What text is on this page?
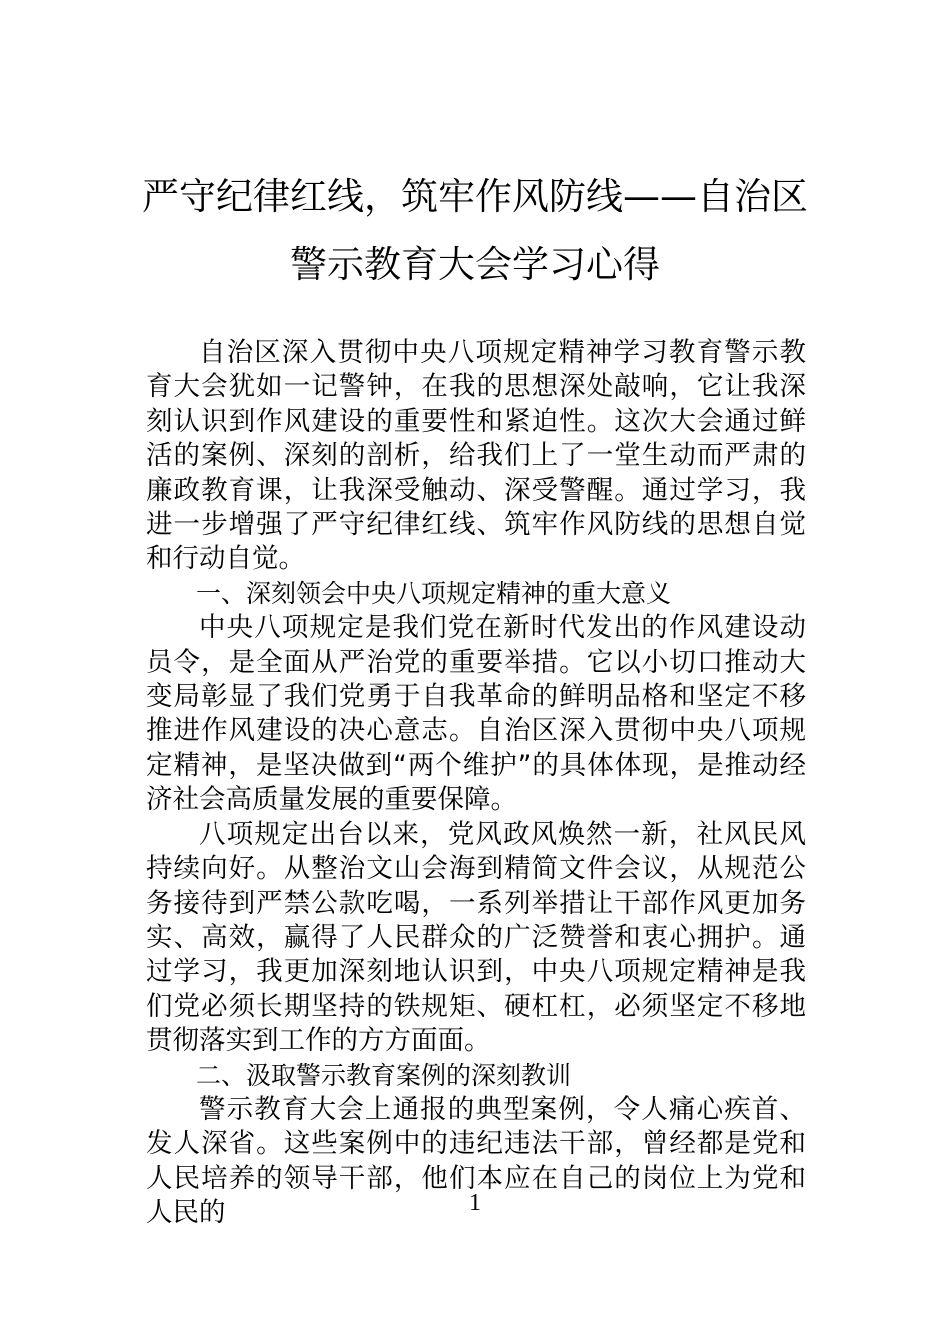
严守纪律红线，筑牢作风防线——自治区
警示教育大会学习心得

自治区深入贯彻中央八项规定精神学习教育警示教育大会犹如一记警钟，在我的思想深处敲响，它让我深刻认识到作风建设的重要性和紧迫性。这次大会通过鲜活的案例、深刻的剖析，给我们上了一堂生动而严肃的廉政教育课，让我深受触动、深受警醒。通过学习，我进一步增强了严守纪律红线、筑牢作风防线的思想自觉和行动自觉。

一、深刻领会中央八项规定精神的重大意义

中央八项规定是我们党在新时代发出的作风建设动员令，是全面从严治党的重要举措。它以小切口推动大变局彰显了我们党勇于自我革命的鲜明品格和坚定不移推进作风建设的决心意志。自治区深入贯彻中央八项规定精神，是坚决做到“两个维护”的具体体现，是推动经济社会高质量发展的重要保障。

八项规定出台以来，党风政风焕然一新，社风民风持续向好。从整治文山会海到精简文件会议，从规范公务接待到严禁公款吃喝，一系列举措让干部作风更加务实、高效，赢得了人民群众的广泛赞誉和衷心拥护。通过学习，我更加深刻地认识到，中央八项规定精神是我们党必须长期坚持的铁规矩、硬杠杠，必须坚定不移地贯彻落实到工作的方方面面。

二、汲取警示教育案例的深刻教训

警示教育大会上通报的典型案例，令人痛心疾首、发人深省。这些案例中的违纪违法干部，曾经都是党和人民培养的领导干部，他们本应在自己的岗位上为党和人民的	1
